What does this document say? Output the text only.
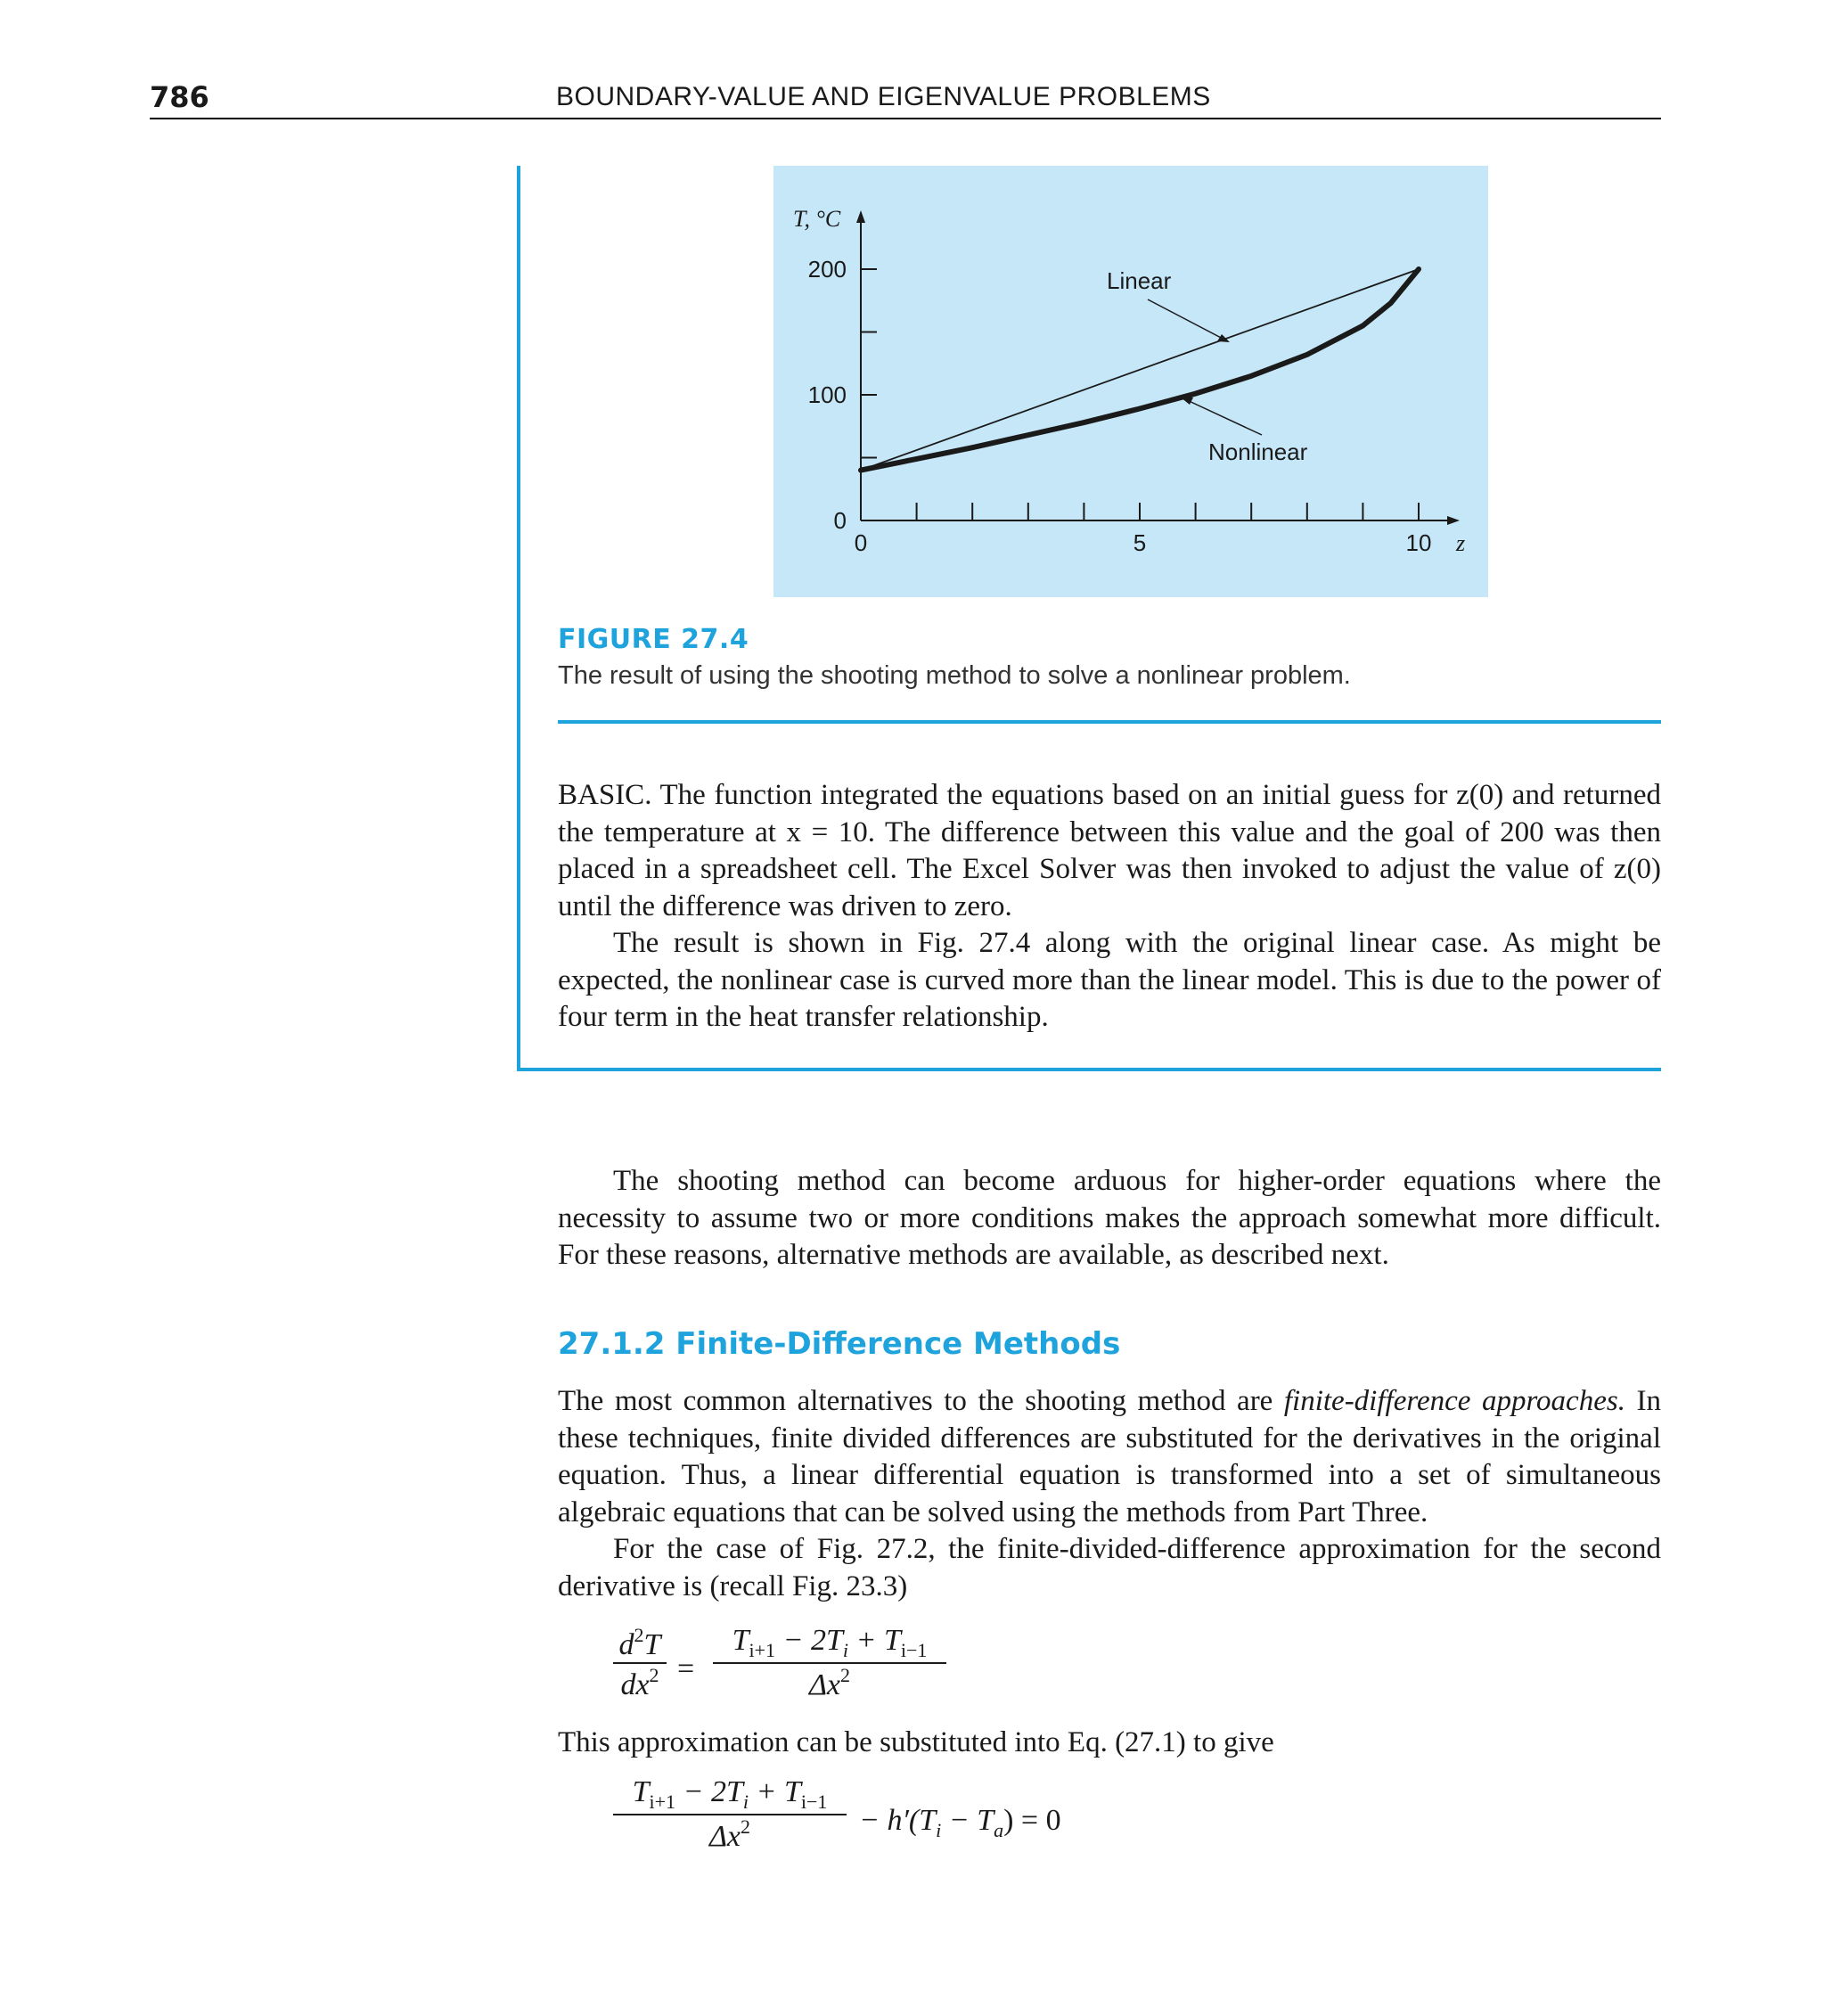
786	BOUNDARY-VALUE AND EIGENVALUE PROBLEMS
0
100
200
0	5	10
T, °C
z
Linear
Nonlinear
FIGURE 27.4
The result of using the shooting method to solve a nonlinear problem.

BASIC. The function integrated the equations based on an initial guess for z(0) and returned the temperature at x = 10. The difference between this value and the goal of 200 was then placed in a spreadsheet cell. The Excel Solver was then invoked to adjust the value of z(0) until the difference was driven to zero.

The result is shown in Fig. 27.4 along with the original linear case. As might be expected, the nonlinear case is curved more than the linear model. This is due to the power of four term in the heat transfer relationship.

The shooting method can become arduous for higher-order equations where the necessity to assume two or more conditions makes the approach somewhat more difficult. For these reasons, alternative methods are available, as described next.

27.1.2 Finite-Difference Methods

The most common alternatives to the shooting method are finite-difference approaches. In these techniques, finite divided differences are substituted for the derivatives in the original equation. Thus, a linear differential equation is transformed into a set of simultaneous algebraic equations that can be solved using the methods from Part Three.

For the case of Fig. 27.2, the finite-divided-difference approximation for the second derivative is (recall Fig. 23.3)

$d^2T$
$dx^2$ =
$T_{i+1} - 2T_i + T_{i-1}$
$\Delta x^2$

This approximation can be substituted into Eq. (27.1) to give

$T_{i+1} - 2T_i + T_{i-1}$
$\Delta x^2$	− $h'(T_i - T_a) = 0$
